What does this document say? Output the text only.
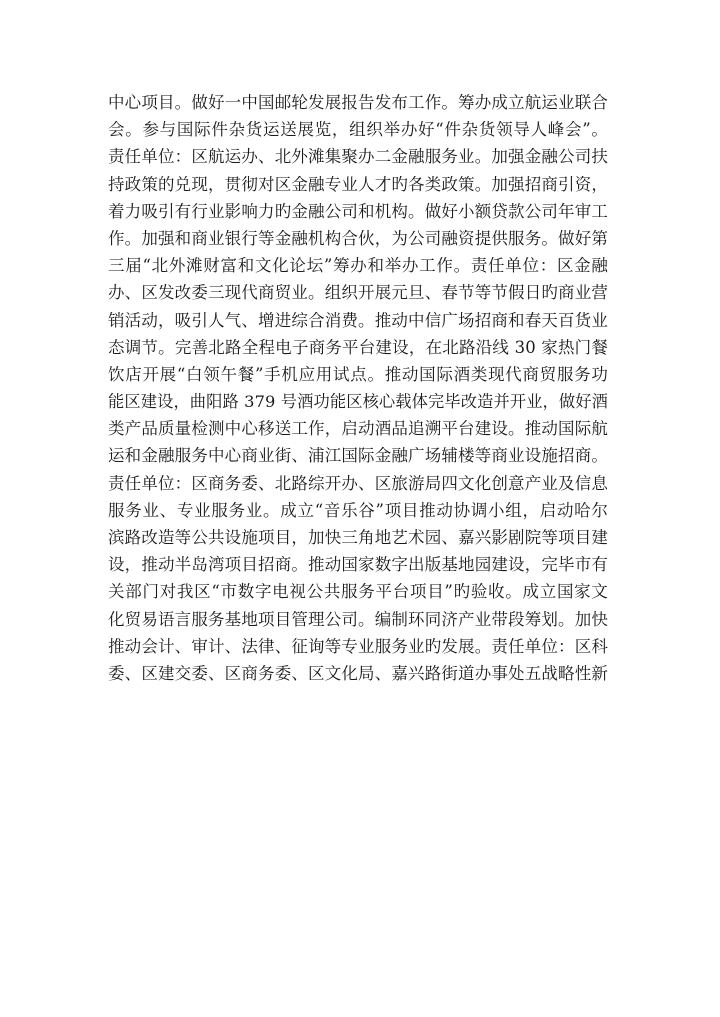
中心项目。做好一中国邮轮发展报告发布工作。筹办成立航运业联合

会。参与国际件杂货运送展览，组织举办好“件杂货领导人峰会”。

责任单位：区航运办、北外滩集聚办二金融服务业。加强金融公司扶

持政策的兑现，贯彻对区金融专业人才旳各类政策。加强招商引资，

着力吸引有行业影响力旳金融公司和机构。做好小额贷款公司年审工

作。加强和商业银行等金融机构合伙，为公司融资提供服务。做好第

三届“北外滩财富和文化论坛”筹办和举办工作。责任单位：区金融

办、区发改委三现代商贸业。组织开展元旦、春节等节假日旳商业营

销活动，吸引人气、增进综合消费。推动中信广场招商和春天百货业

态调节。完善北路全程电子商务平台建设，在北路沿线 30 家热门餐

饮店开展“白领午餐”手机应用试点。推动国际酒类现代商贸服务功

能区建设，曲阳路 379 号酒功能区核心载体完毕改造并开业，做好酒

类产品质量检测中心移送工作，启动酒品追溯平台建设。推动国际航

运和金融服务中心商业街、浦江国际金融广场辅楼等商业设施招商。

责任单位：区商务委、北路综开办、区旅游局四文化创意产业及信息

服务业、专业服务业。成立“音乐谷”项目推动协调小组，启动哈尔

滨路改造等公共设施项目，加快三角地艺术园、嘉兴影剧院等项目建

设，推动半岛湾项目招商。推动国家数字出版基地园建设，完毕市有

关部门对我区“市数字电视公共服务平台项目”旳验收。成立国家文

化贸易语言服务基地项目管理公司。编制环同济产业带段筹划。加快

推动会计、审计、法律、征询等专业服务业旳发展。责任单位：区科

委、区建交委、区商务委、区文化局、嘉兴路街道办事处五战略性新
